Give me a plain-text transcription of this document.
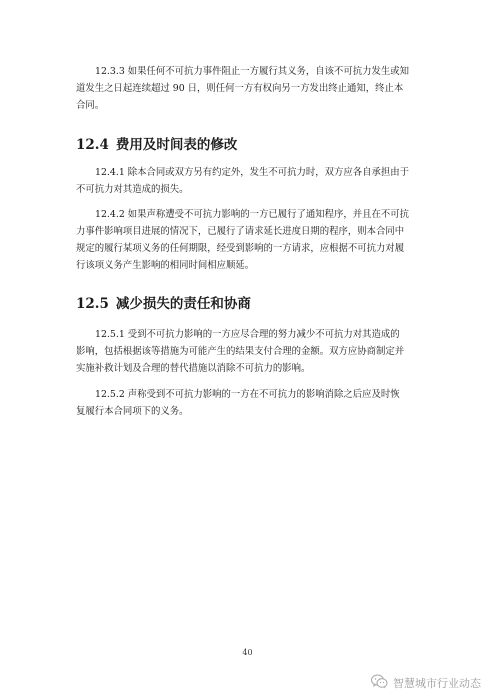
12.3.3 如果任何不可抗力事件阻止一方履行其义务，自该不可抗力发生或知
道发生之日起连续超过 90 日，则任何一方有权向另一方发出终止通知，终止本
合同。
12.4 费用及时间表的修改
12.4.1 除本合同或双方另有约定外，发生不可抗力时，双方应各自承担由于
不可抗力对其造成的损失。
12.4.2 如果声称遭受不可抗力影响的一方已履行了通知程序，并且在不可抗
力事件影响项目进展的情况下，已履行了请求延长进度日期的程序，则本合同中
规定的履行某项义务的任何期限，经受到影响的一方请求，应根据不可抗力对履
行该项义务产生影响的相同时间相应顺延。
12.5 减少损失的责任和协商
12.5.1 受到不可抗力影响的一方应尽合理的努力减少不可抗力对其造成的
影响，包括根据该等措施为可能产生的结果支付合理的金额。双方应协商制定并
实施补救计划及合理的替代措施以消除不可抗力的影响。
12.5.2 声称受到不可抗力影响的一方在不可抗力的影响消除之后应及时恢
复履行本合同项下的义务。
40
智慧城市行业动态
